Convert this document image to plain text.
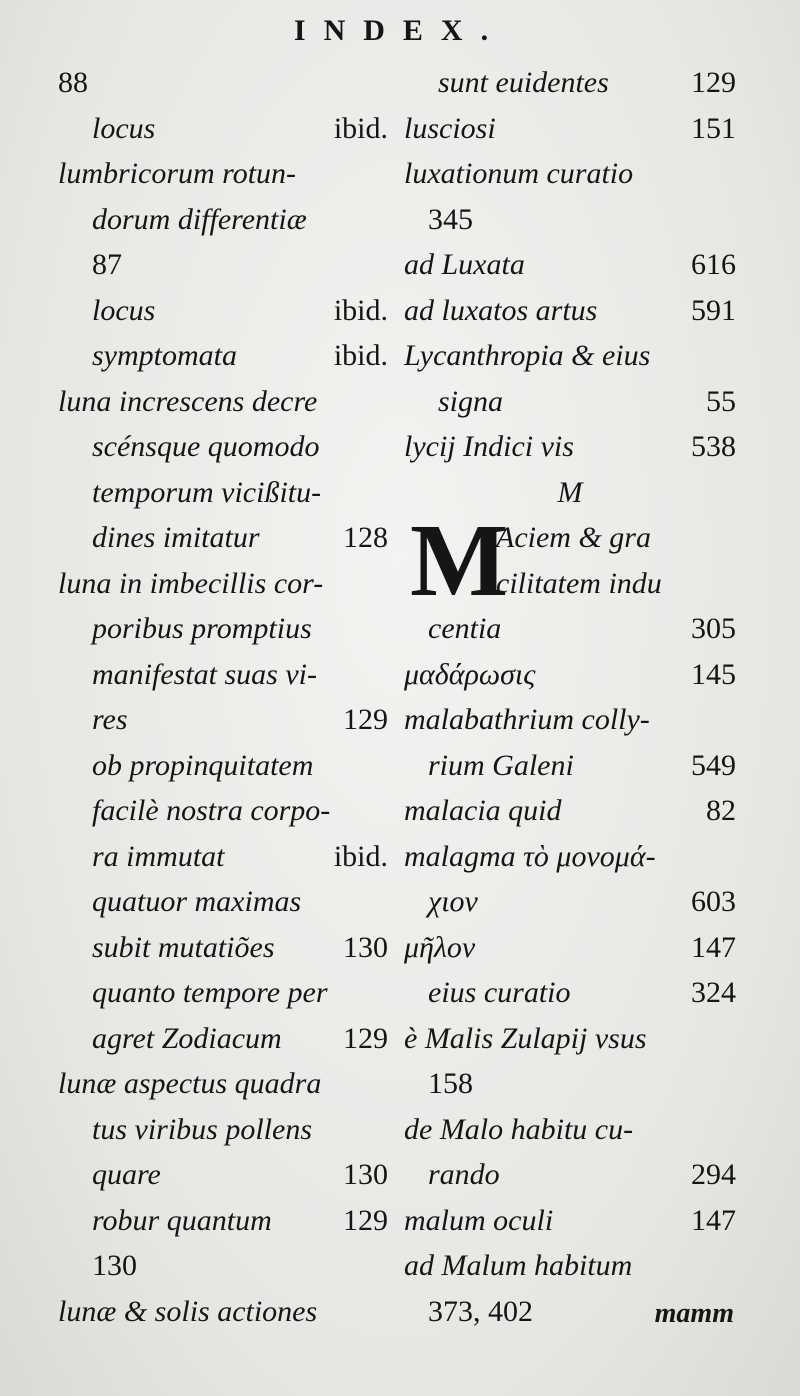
INDEX.
88
locus	ibid.
lumbricorum rotun-
dorum differentiæ
87
locus	ibid.
symptomata	ibid.
luna increscens decre
scénsque quomodo
temporum vicißitu-
dines imitatur	128
luna in imbecillis cor-
poribus promptius
manifestat suas vi-
res	129
ob propinquitatem
facilè nostra corpo-
ra immutat	ibid.
quatuor maximas
subit mutatiões 130
quanto tempore per
agret Zodiacum 129
lunæ aspectus quadra
tus viribus pollens
quare	130
robur quantum 129
130
lunæ & solis actiones
sunt euidentes	129
lusciosi	151
luxationum curatio
345
ad Luxata	616
ad luxatos artus	591
Lycanthropia & eius
signa	55
lycij Indici vis	538
M
M
Aciem & gra
cilitatem indu
centia	305
μαδάρωσις	145
malabathrium colly-
rium Galeni	549
malacia quid	82
malagma τὸ μονομά-
χιον	603
μῆλον	147
eius curatio	324
è Malis Zulapij vsus
158
de Malo habitu cu-
rando	294
malum oculi	147
ad Malum habitum
373, 402	mamm
